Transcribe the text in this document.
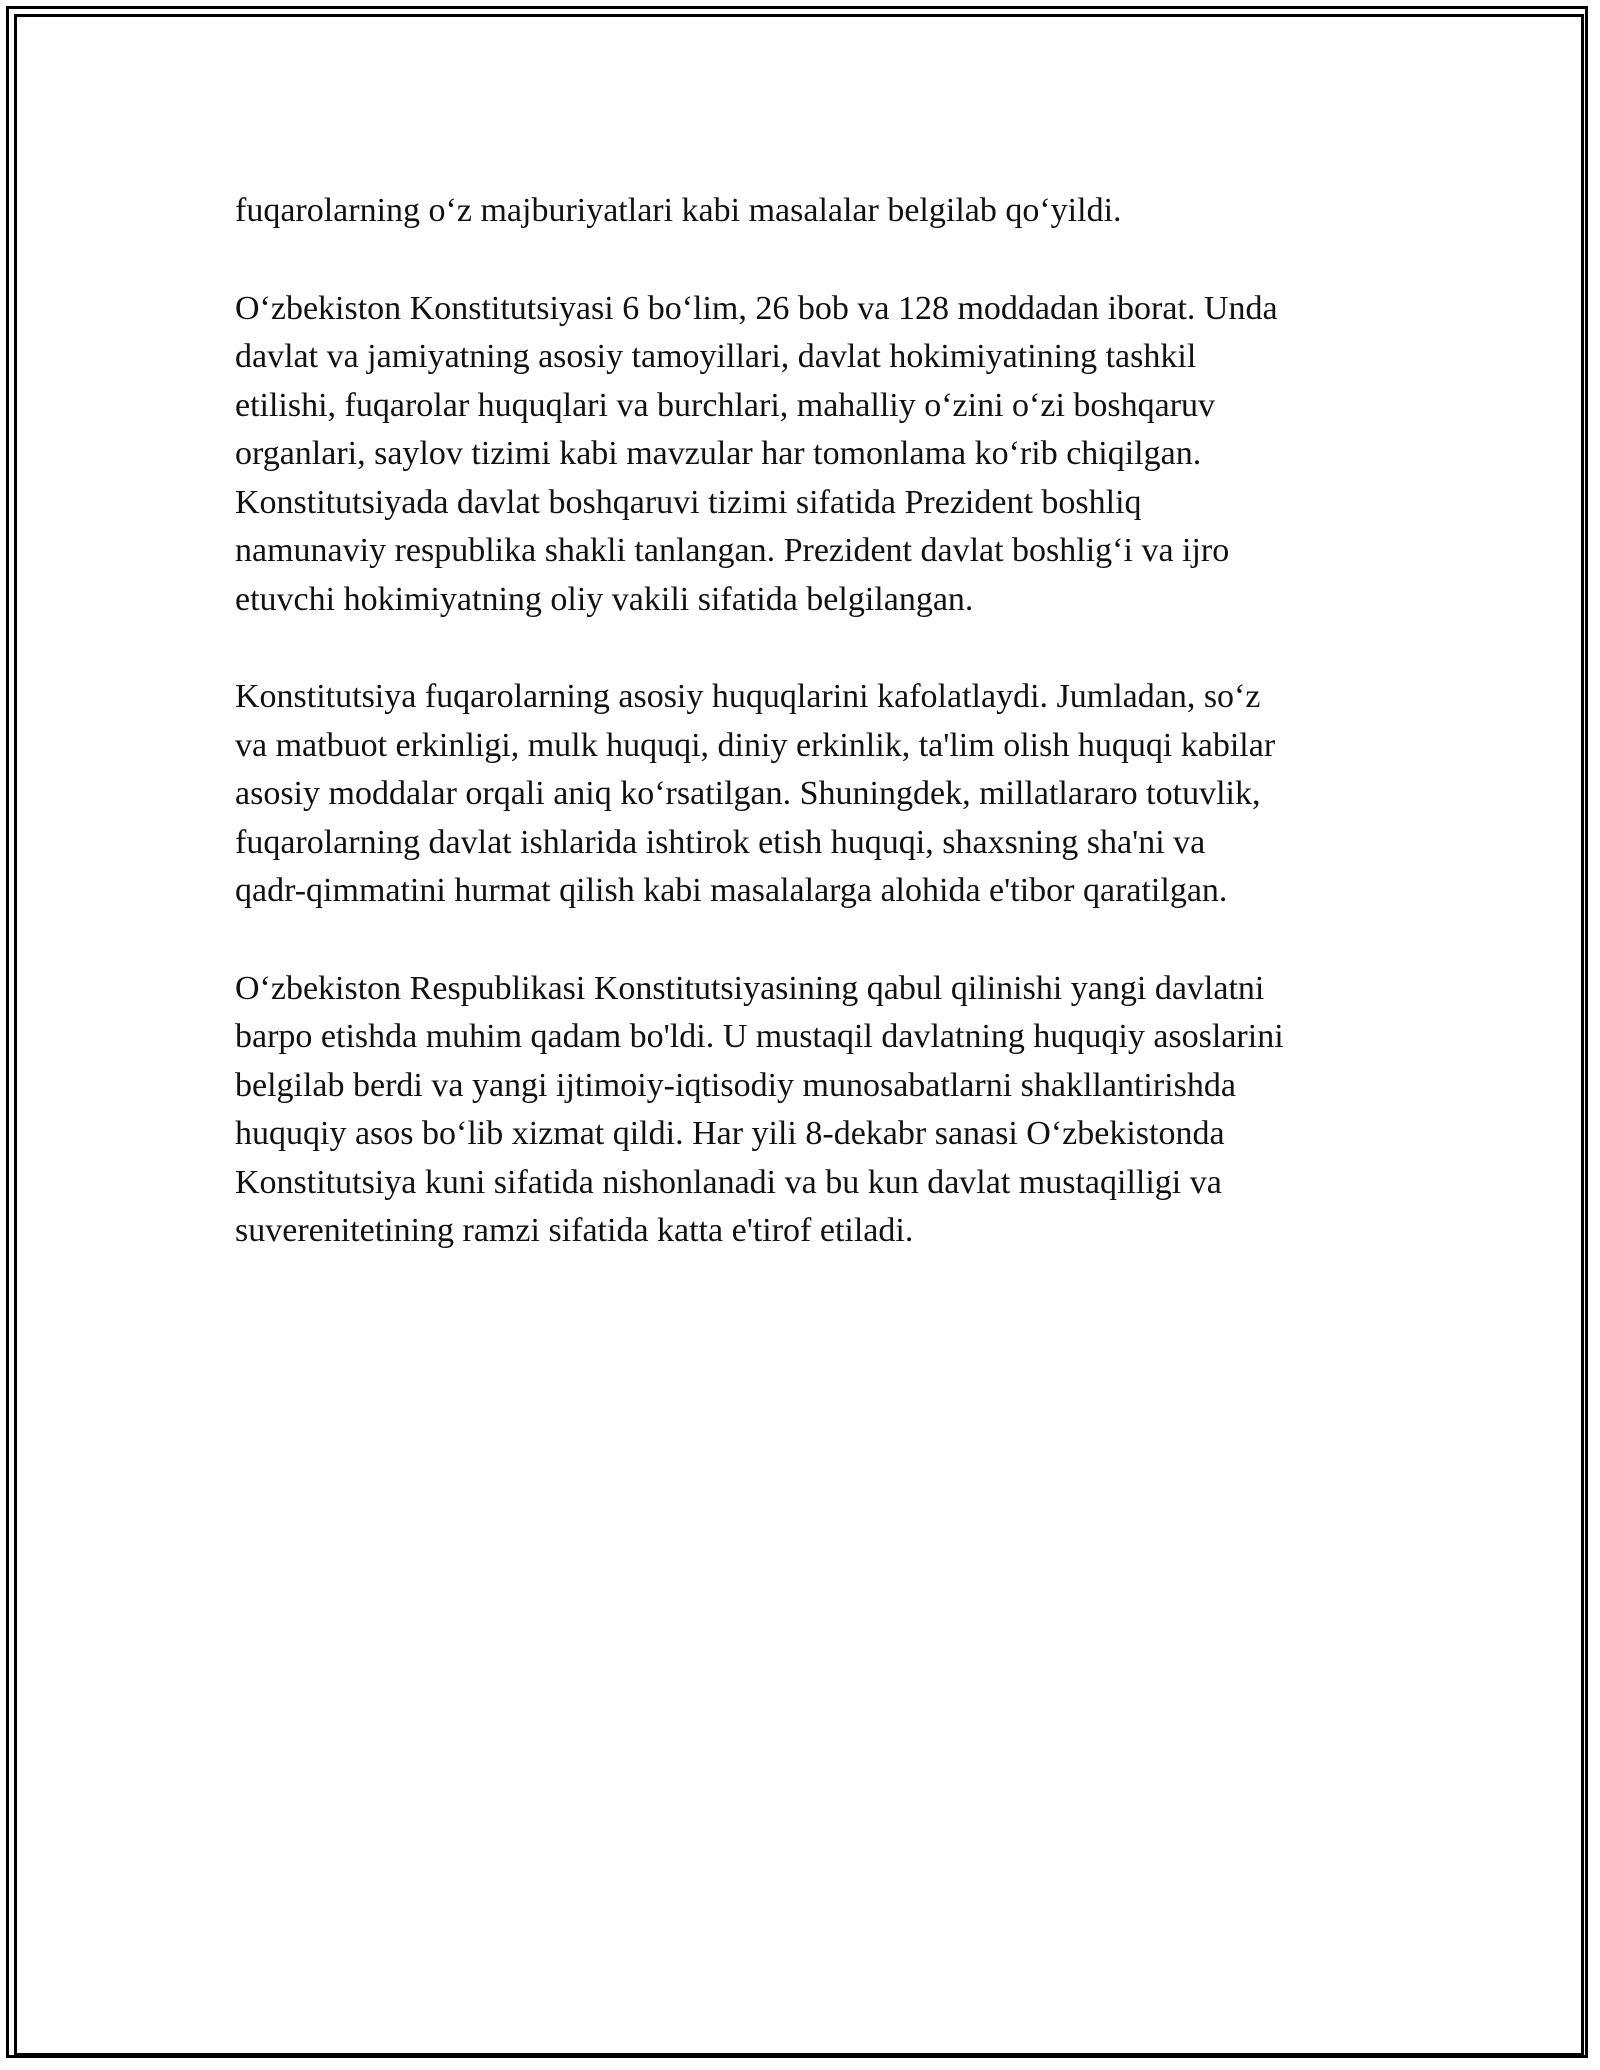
fuqarolarning o‘z majburiyatlari kabi masalalar belgilab qo‘yildi.

O‘zbekiston Konstitutsiyasi 6 bo‘lim, 26 bob va 128 moddadan iborat. Unda
davlat va jamiyatning asosiy tamoyillari, davlat hokimiyatining tashkil
etilishi, fuqarolar huquqlari va burchlari, mahalliy o‘zini o‘zi boshqaruv
organlari, saylov tizimi kabi mavzular har tomonlama ko‘rib chiqilgan.
Konstitutsiyada davlat boshqaruvi tizimi sifatida Prezident boshliq
namunaviy respublika shakli tanlangan. Prezident davlat boshlig‘i va ijro
etuvchi hokimiyatning oliy vakili sifatida belgilangan.

Konstitutsiya fuqarolarning asosiy huquqlarini kafolatlaydi. Jumladan, so‘z
va matbuot erkinligi, mulk huquqi, diniy erkinlik, ta'lim olish huquqi kabilar
asosiy moddalar orqali aniq ko‘rsatilgan. Shuningdek, millatlararo totuvlik,
fuqarolarning davlat ishlarida ishtirok etish huquqi, shaxsning sha'ni va
qadr-qimmatini hurmat qilish kabi masalalarga alohida e'tibor qaratilgan.

O‘zbekiston Respublikasi Konstitutsiyasining qabul qilinishi yangi davlatni
barpo etishda muhim qadam bo'ldi. U mustaqil davlatning huquqiy asoslarini
belgilab berdi va yangi ijtimoiy-iqtisodiy munosabatlarni shakllantirishda
huquqiy asos bo‘lib xizmat qildi. Har yili 8-dekabr sanasi O‘zbekistonda
Konstitutsiya kuni sifatida nishonlanadi va bu kun davlat mustaqilligi va
suverenitetining ramzi sifatida katta e'tirof etiladi.
